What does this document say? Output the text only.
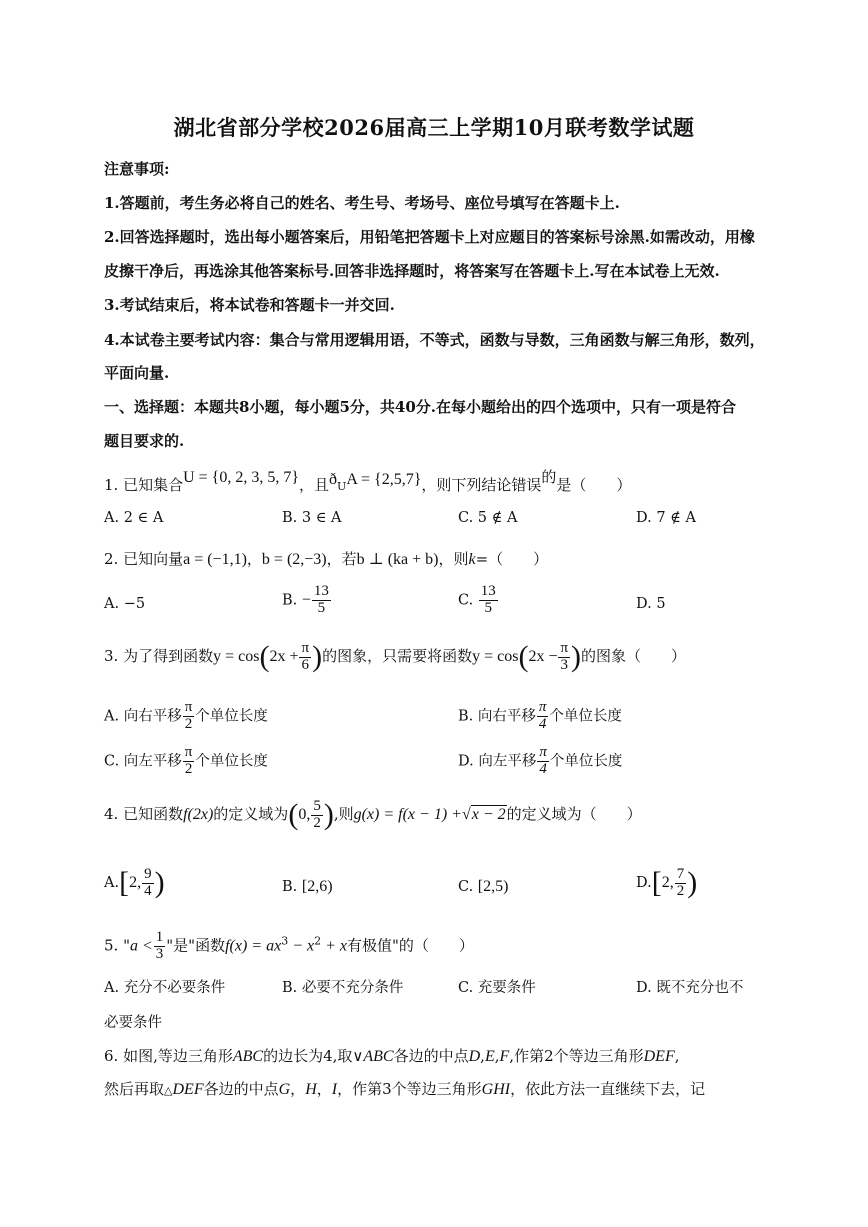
湖北省部分学校2026届高三上学期10月联考数学试题
注意事项:
1.答题前，考生务必将自己的姓名、考生号、考场号、座位号填写在答题卡上.
2.回答选择题时，选出每小题答案后，用铅笔把答题卡上对应题目的答案标号涂黑.如需改动，用橡
皮擦干净后，再选涂其他答案标号.回答非选择题时，将答案写在答题卡上.写在本试卷上无效.
3.考试结束后，将本试卷和答题卡一并交回.
4.本试卷主要考试内容：集合与常用逻辑用语，不等式，函数与导数，三角函数与解三角形，数列，
平面向量.
一、选择题：本题共8小题，每小题5分，共40分.在每小题给出的四个选项中，只有一项是符合
题目要求的.
1. 已知集合U = {0, 2, 3, 5, 7}，且ðUA = {2,5,7}，则下列结论错误的是（　　）
A. 2 ∈ A	B. 3 ∈ A	C. 5 ∉ A	D. 7 ∉ A
2. 已知向量a = (−1,1)，b = (2,−3)，若b ⊥ (ka + b)，则k=（　　）
A. −5	B. − $\frac{13}{5}$	C. $\frac{13}{5}$	D. 5
3. 为了得到函数$y = \cos(2x + \frac{\pi}{6}$ )的图象，只需要将函数$y = \cos(2x - \frac{\pi}{3}$ )的图象（　　）
A. 向右平移 $\frac{\pi}{2}$ 个单位长度	B. 向右平移 $\frac{\pi}{4}$ 个单位长度
C. 向左平移 $\frac{\pi}{2}$ 个单位长度	D. 向左平移 $\frac{\pi}{4}$ 个单位长度
4. 已知函数f(2x)的定义域为(0, $\frac{5}{2}$ ),则g(x) = f(x − 1) +√x − 2的定义域为（　　）
A.[2, $\frac{9}{4}$ )	B. [2,6)	C. [2,5)	D.[2, $\frac{7}{2}$ )
5. "$a < \frac{1}{3}$ "是"函数$f(x) = ax^3 - x^2 + x$有极值"的（　　）
A. 充分不必要条件	B. 必要不充分条件	C. 充要条件	D. 既不充分也不
必要条件
6. 如图,等边三角形ABC的边长为4,取∨ABC各边的中点D,E,F,作第2个等边三角形DEF,
然后再取△DEF各边的中点G，H，I，作第3个等边三角形GHI，依此方法一直继续下去，记
